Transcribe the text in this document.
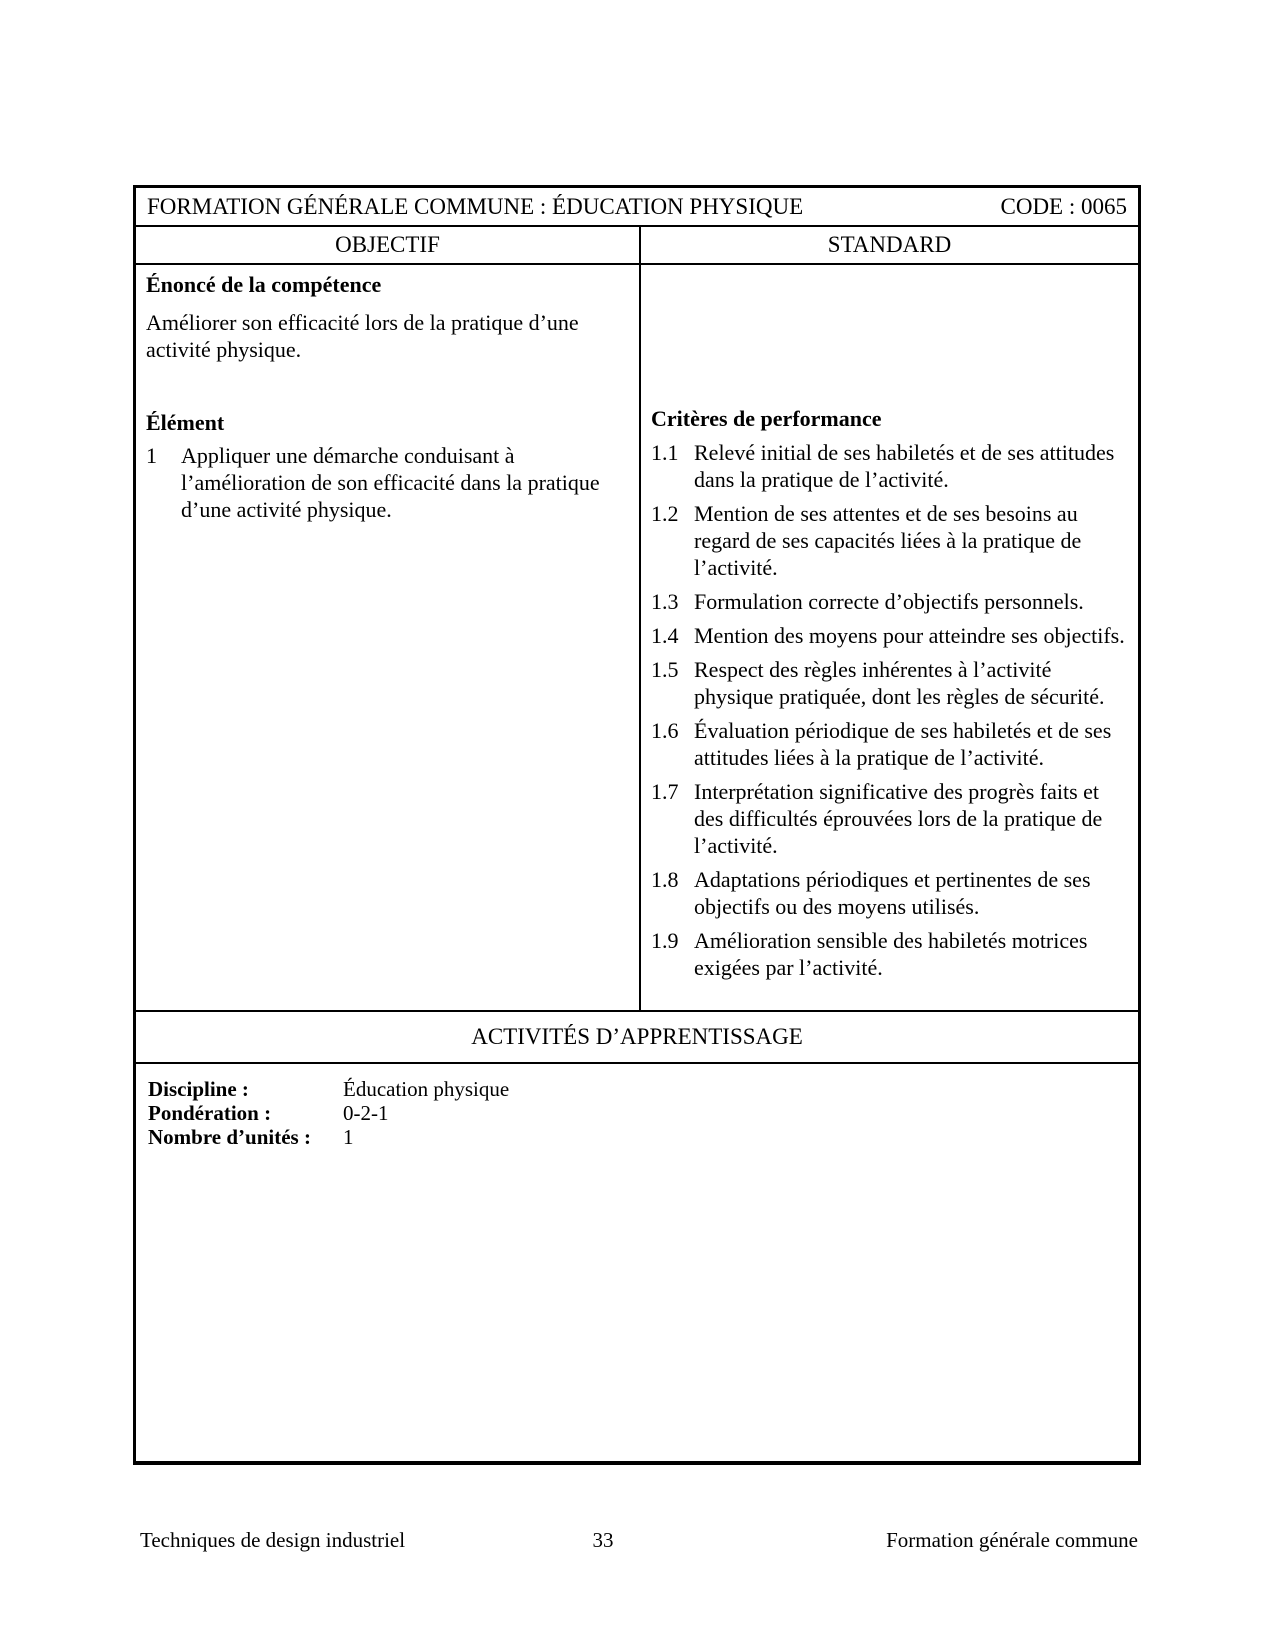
FORMATION GÉNÉRALE COMMUNE : ÉDUCATION PHYSIQUE	CODE : 0065
OBJECTIF	STANDARD
Énoncé de la compétence
Améliorer son efficacité lors de la pratique d’une activité physique.
Élément
1	Appliquer une démarche conduisant à l’amélioration de son efficacité dans la pratique d’une activité physique.
Critères de performance
1.1 Relevé initial de ses habiletés et de ses attitudes dans la pratique de l’activité.
1.2 Mention de ses attentes et de ses besoins au regard de ses capacités liées à la pratique de l’activité.
1.3 Formulation correcte d’objectifs personnels.
1.4 Mention des moyens pour atteindre ses objectifs.
1.5 Respect des règles inhérentes à l’activité physique pratiquée, dont les règles de sécurité.
1.6 Évaluation périodique de ses habiletés et de ses attitudes liées à la pratique de l’activité.
1.7 Interprétation significative des progrès faits et des difficultés éprouvées lors de la pratique de l’activité.
1.8 Adaptations périodiques et pertinentes de ses objectifs ou des moyens utilisés.
1.9 Amélioration sensible des habiletés motrices exigées par l’activité.
ACTIVITÉS D’APPRENTISSAGE
Discipline :	Éducation physique
Pondération :	0-2-1
Nombre d’unités :	1
Techniques de design industriel	33	Formation générale commune
